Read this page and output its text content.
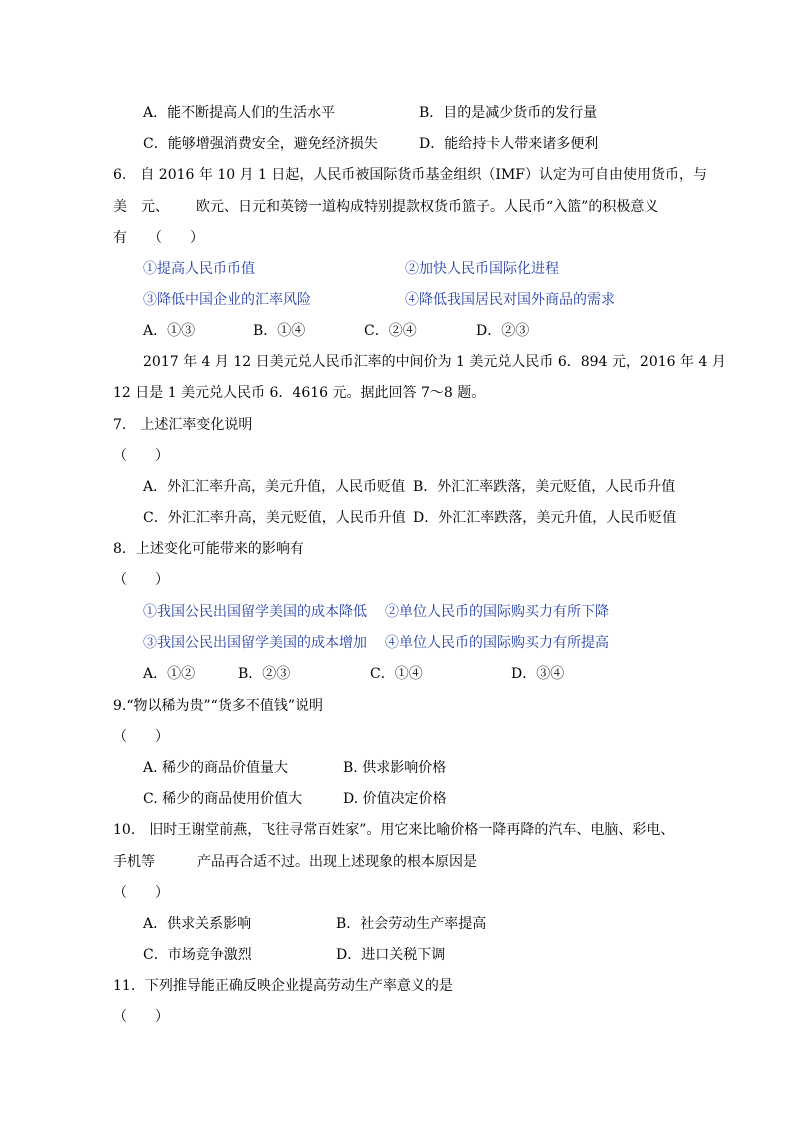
A．能不断提高人们的生活水平	B．目的是减少货币的发行量
C．能够增强消费安全，避免经济损失	D．能给持卡人带来诸多便利
6.　自 2016 年 10 月 1 日起，人民币被国际货币基金组织（IMF）认定为可自由使用货币，与
美　元、 欧元、日元和英镑一道构成特别提款权货币篮子。人民币“入篮”的积极意义
有　　（　　）
①提高人民币币值	②加快人民币国际化进程
③降低中国企业的汇率风险	④降低我国居民对国外商品的需求
A．①③	B．①④	C．②④	D．②③
2017 年 4 月 12 日美元兑人民币汇率的中间价为 1 美元兑人民币 6．894 元，2016 年 4 月
12 日是 1 美元兑人民币 6．4616 元。据此回答 7～8 题。
7.　上述汇率变化说明
（　　）
A．外汇汇率升高，美元升值，人民币贬值 B．外汇汇率跌落，美元贬值，人民币升值
C．外汇汇率升高，美元贬值，人民币升值 D．外汇汇率跌落，美元升值，人民币贬值
8．上述变化可能带来的影响有
（　　）
①我国公民出国留学美国的成本降低 ②单位人民币的国际购买力有所下降
③我国公民出国留学美国的成本增加 ④单位人民币的国际购买力有所提高
A．①②	B．②③	C．①④	D．③④
9.“物以稀为贵”“货多不值钱”说明
（　　）
A. 稀少的商品价值量大	B. 供求影响价格
C. 稀少的商品使用价值大	D. 价值决定价格
10.　旧时王谢堂前燕，飞往寻常百姓家”。用它来比喻价格一降再降的汽车、电脑、彩电、
手机等	产品再合适不过。出现上述现象的根本原因是
（　　）
A．供求关系影响	B．社会劳动生产率提高
C．市场竞争激烈	D．进口关税下调
11．下列推导能正确反映企业提高劳动生产率意义的是
（　　）
